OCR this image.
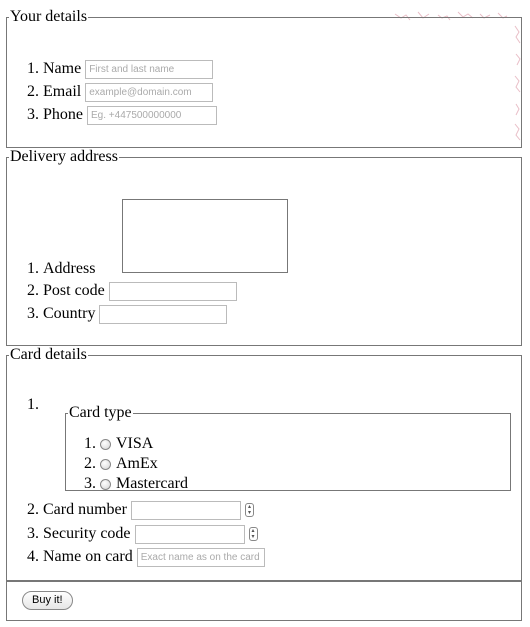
Your details
1. NameFirst and last name
2. Emailexample@domain.com
3. PhoneEg. +447500000000
Delivery address
1. Address
2. Post code
3. Country
Card details
1. Card type
1. VISA
2. AmEx
3. Mastercard
2. Card number	▴
▾
3. Security code	▴
▾
4. Name on cardExact name as on the card
Buy it!
